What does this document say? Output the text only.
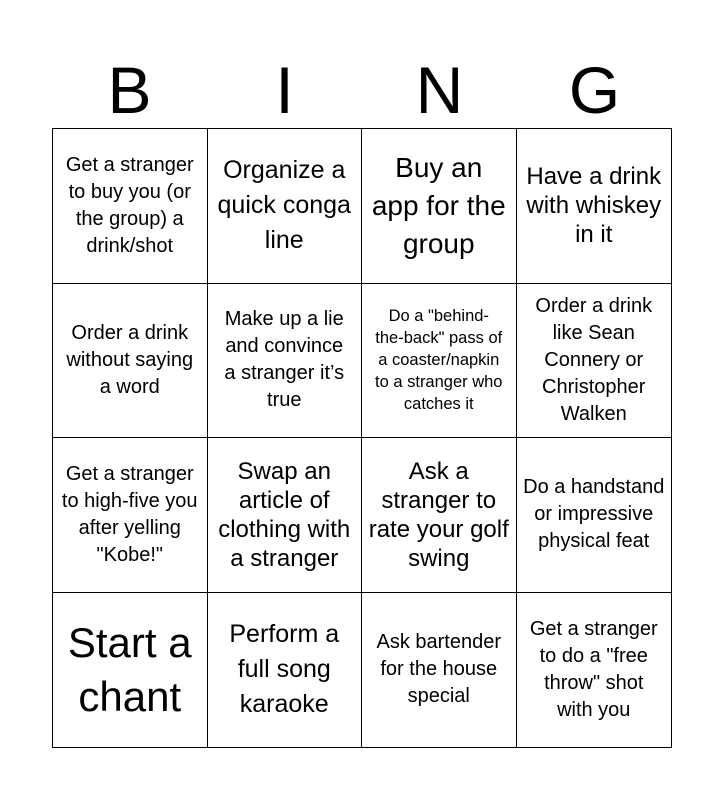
B	I	N	G
Get a stranger to buy you (or the group) a drink/shot
Organize a quick conga line
Buy an app for the group
Have a drink with whiskey in it
Order a drink without saying a word
Make up a lie and convince a stranger it’s true
Do a "behind-the-back" pass of a coaster/napkin to a stranger who catches it
Order a drink like Sean Connery or Christopher Walken
Get a stranger to high-five you after yelling "Kobe!"
Swap an article of clothing with a stranger
Ask a stranger to rate your golf swing
Do a handstand or impressive physical feat
Start a chant
Perform a full song karaoke
Ask bartender for the house special
Get a stranger to do a "free throw" shot with you
